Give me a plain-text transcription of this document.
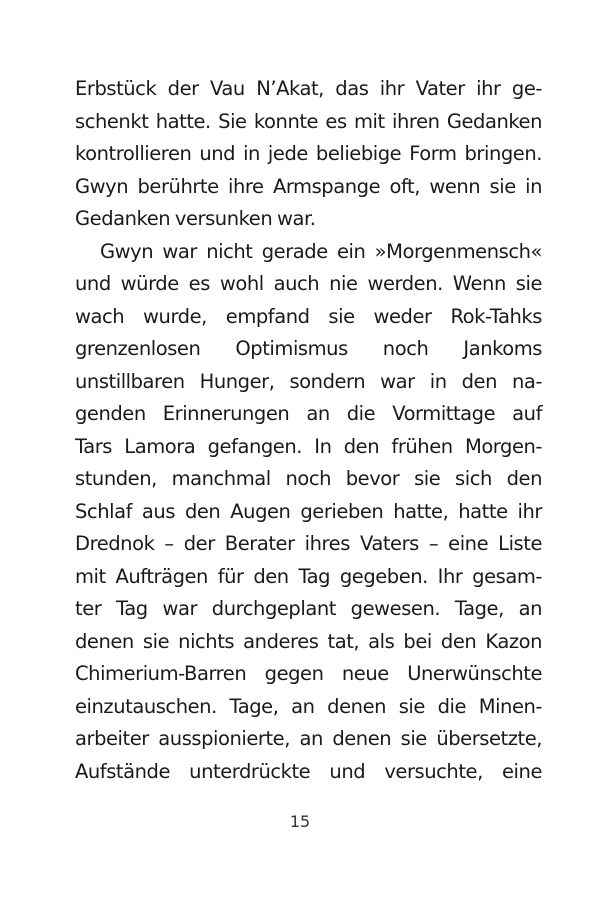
Erbstück der Vau N’Akat, das ihr Vater ihr ge-
schenkt hatte. Sie konnte es mit ihren Gedanken
kontrollieren und in jede beliebige Form bringen.
Gwyn berührte ihre Armspange oft, wenn sie in
Gedanken versunken war.
Gwyn war nicht gerade ein »Morgenmensch«
und würde es wohl auch nie werden. Wenn sie
wach wurde, empfand sie weder Rok-Tahks
grenzenlosen Optimismus noch Jankoms
unstillbaren Hunger, sondern war in den na-
genden Erinnerungen an die Vormittage auf
Tars Lamora gefangen. In den frühen Morgen-
stunden, manchmal noch bevor sie sich den
Schlaf aus den Augen gerieben hatte, hatte ihr
Drednok – der Berater ihres Vaters – eine Liste
mit Aufträgen für den Tag gegeben. Ihr gesam-
ter Tag war durchgeplant gewesen. Tage, an
denen sie nichts anderes tat, als bei den Kazon
Chimerium-Barren gegen neue Unerwünschte
einzutauschen. Tage, an denen sie die Minen-
arbeiter ausspionierte, an denen sie übersetzte,
Aufstände unterdrückte und versuchte, eine
15
